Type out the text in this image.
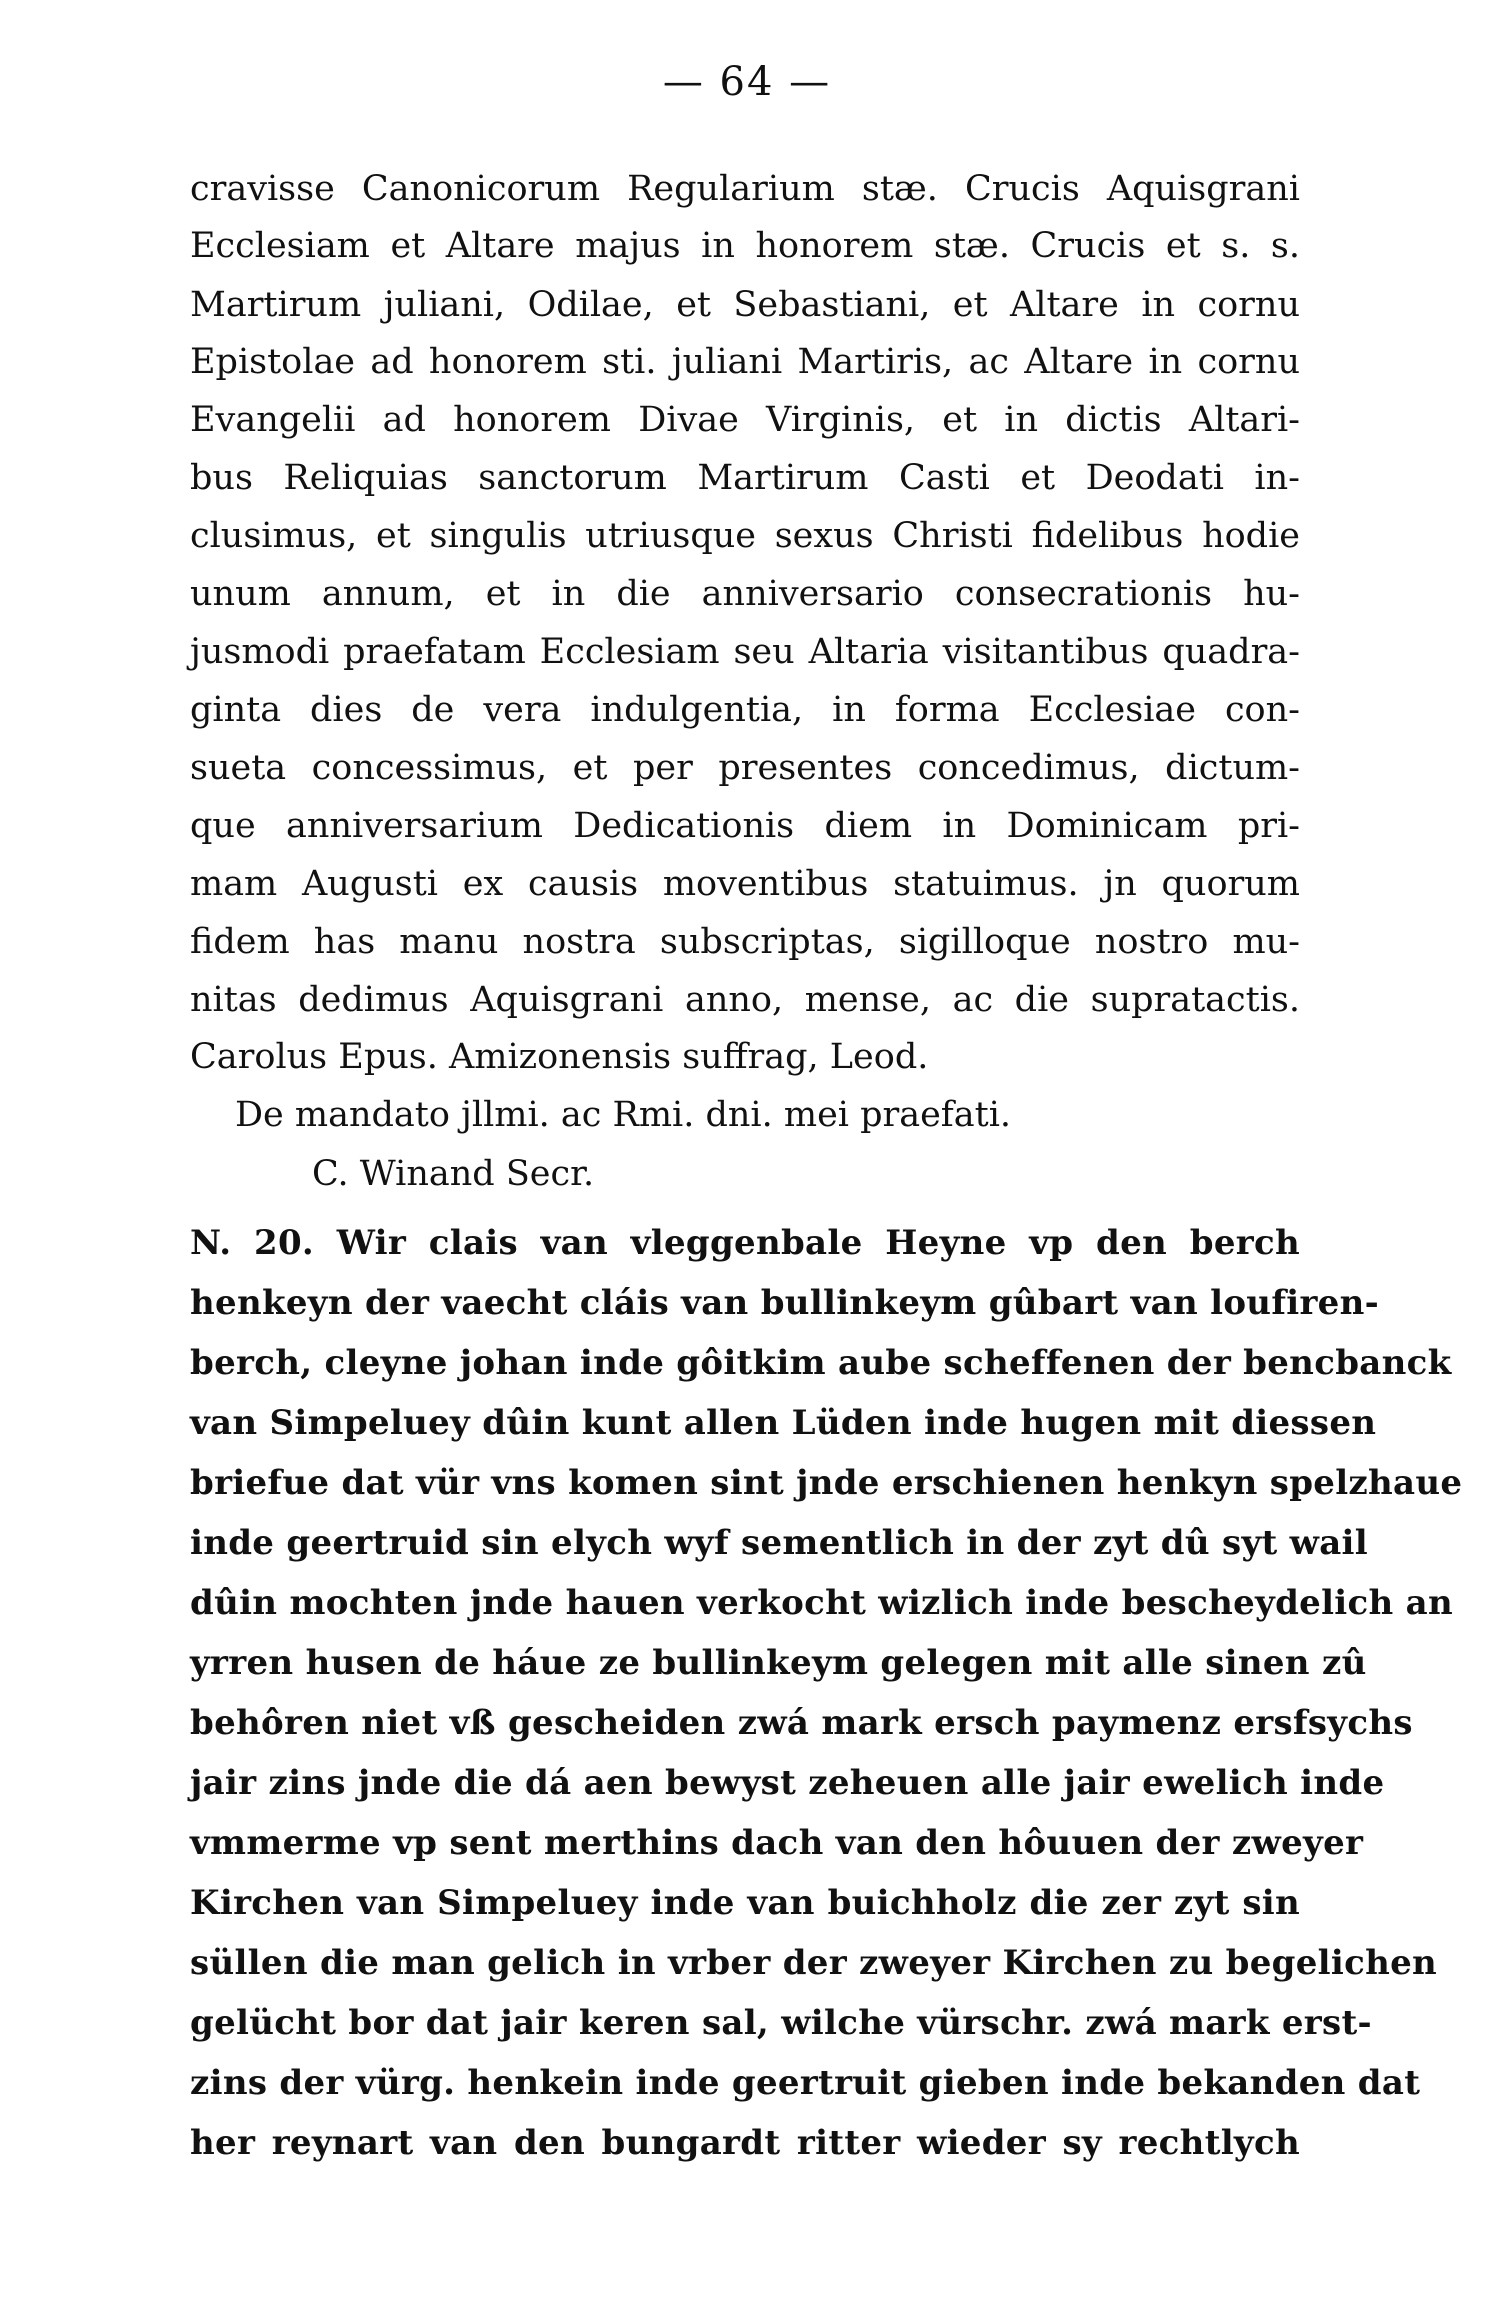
— 64 —
cravisse Canonicorum Regularium stæ. Crucis Aquisgrani
Ecclesiam et Altare majus in honorem stæ. Crucis et s. s.
Martirum juliani, Odilae, et Sebastiani, et Altare in cornu
Epistolae ad honorem sti. juliani Martiris, ac Altare in cornu
Evangelii ad honorem Divae Virginis, et in dictis Altari-
bus Reliquias sanctorum Martirum Casti et Deodati in-
clusimus, et singulis utriusque sexus Christi fidelibus hodie
unum annum, et in die anniversario consecrationis hu-
jusmodi praefatam Ecclesiam seu Altaria visitantibus quadra-
ginta dies de vera indulgentia, in forma Ecclesiae con-
sueta concessimus, et per presentes concedimus, dictum-
que anniversarium Dedicationis diem in Dominicam pri-
mam Augusti ex causis moventibus statuimus. jn quorum
fidem has manu nostra subscriptas, sigilloque nostro mu-
nitas dedimus Aquisgrani anno, mense, ac die supratactis.
Carolus Epus. Amizonensis suffrag, Leod.
De mandato jllmi. ac Rmi. dni. mei praefati.
C. Winand Secr.
N. 20. Wir clais van vleggenbale Heyne vp den berch
henkeyn der vaecht cláis van bullinkeym gûbart van loufiren-
berch, cleyne johan inde gôitkim aube scheffenen der bencbanck
van Simpeluey dûin kunt allen Lüden inde hugen mit diessen
briefue dat vür vns komen sint jnde erschienen henkyn spelzhaue
inde geertruid sin elych wyf sementlich in der zyt dû syt wail
dûin mochten jnde hauen verkocht wizlich inde bescheydelich an
yrren husen de háue ze bullinkeym gelegen mit alle sinen zû
behôren niet vß gescheiden zwá mark ersch paymenz ersfsychs
jair zins jnde die dá aen bewyst zeheuen alle jair ewelich inde
vmmerme vp sent merthins dach van den hôuuen der zweyer
Kirchen van Simpeluey inde van buichholz die zer zyt sin
süllen die man gelich in vrber der zweyer Kirchen zu begelichen
gelücht bor dat jair keren sal, wilche vürschr. zwá mark erst-
zins der vürg. henkein inde geertruit gieben inde bekanden dat
her reynart van den bungardt ritter wieder sy rechtlych
